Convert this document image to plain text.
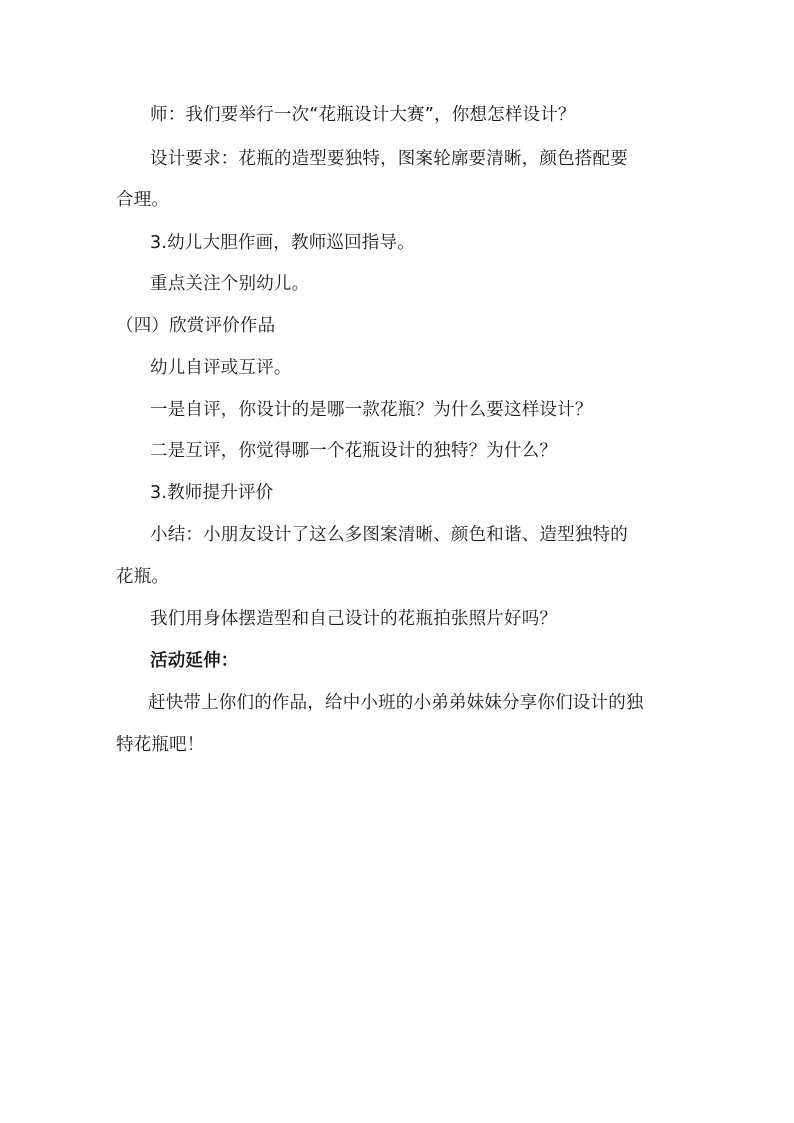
师：我们要举行一次“花瓶设计大赛”，你想怎样设计？
设计要求：花瓶的造型要独特，图案轮廓要清晰，颜色搭配要
合理。
3.幼儿大胆作画，教师巡回指导。
重点关注个别幼儿。
（四）欣赏评价作品
幼儿自评或互评。
一是自评，你设计的是哪一款花瓶？为什么要这样设计？
二是互评，你觉得哪一个花瓶设计的独特？为什么？
3.教师提升评价
小结：小朋友设计了这么多图案清晰、颜色和谐、造型独特的
花瓶。
我们用身体摆造型和自己设计的花瓶拍张照片好吗？
活动延伸：
赶快带上你们的作品，给中小班的小弟弟妹妹分享你们设计的独
特花瓶吧！
